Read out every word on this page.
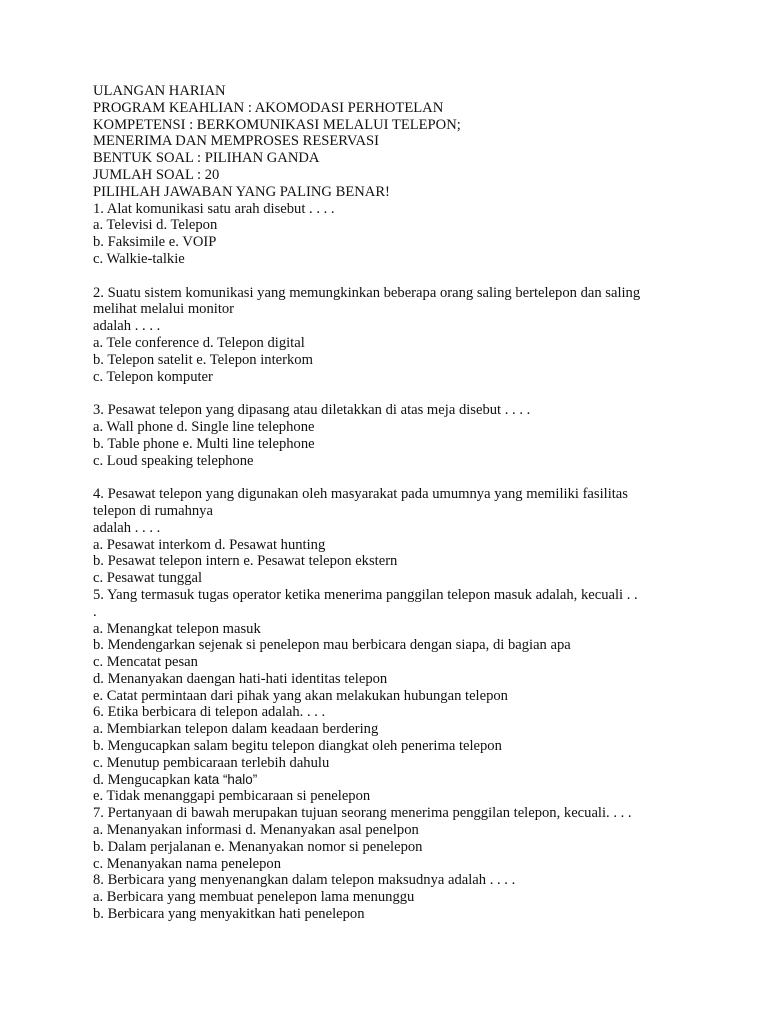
ULANGAN HARIAN

PROGRAM KEAHLIAN : AKOMODASI PERHOTELAN

KOMPETENSI : BERKOMUNIKASI MELALUI TELEPON;

MENERIMA DAN MEMPROSES RESERVASI

BENTUK SOAL : PILIHAN GANDA

JUMLAH SOAL : 20

PILIHLAH JAWABAN YANG PALING BENAR!

1. Alat komunikasi satu arah disebut . . . .

a. Televisi d. Telepon

b. Faksimile e. VOIP

c. Walkie-talkie

2. Suatu sistem komunikasi yang memungkinkan beberapa orang saling bertelepon dan saling

melihat melalui monitor

adalah . . . .

a. Tele conference d. Telepon digital

b. Telepon satelit e. Telepon interkom

c. Telepon komputer

3. Pesawat telepon yang dipasang atau diletakkan di atas meja disebut . . . .

a. Wall phone d. Single line telephone

b. Table phone e. Multi line telephone

c. Loud speaking telephone

4. Pesawat telepon yang digunakan oleh masyarakat pada umumnya yang memiliki fasilitas

telepon di rumahnya

adalah . . . .

a. Pesawat interkom d. Pesawat hunting

b. Pesawat telepon intern e. Pesawat telepon ekstern

c. Pesawat tunggal

5. Yang termasuk tugas operator ketika menerima panggilan telepon masuk adalah, kecuali . .

.

a. Menangkat telepon masuk

b. Mendengarkan sejenak si penelepon mau berbicara dengan siapa, di bagian apa

c. Mencatat pesan

d. Menanyakan daengan hati-hati identitas telepon

e. Catat permintaan dari pihak yang akan melakukan hubungan telepon

6. Etika berbicara di telepon adalah. . . .

a. Membiarkan telepon dalam keadaan berdering

b. Mengucapkan salam begitu telepon diangkat oleh penerima telepon

c. Menutup pembicaraan terlebih dahulu

d. Mengucapkan kata “halo”

e. Tidak menanggapi pembicaraan si penelepon

7. Pertanyaan di bawah merupakan tujuan seorang menerima penggilan telepon, kecuali. . . .

a. Menanyakan informasi d. Menanyakan asal penelpon

b. Dalam perjalanan e. Menanyakan nomor si penelepon

c. Menanyakan nama penelepon

8. Berbicara yang menyenangkan dalam telepon maksudnya adalah . . . .

a. Berbicara yang membuat penelepon lama menunggu

b. Berbicara yang menyakitkan hati penelepon
